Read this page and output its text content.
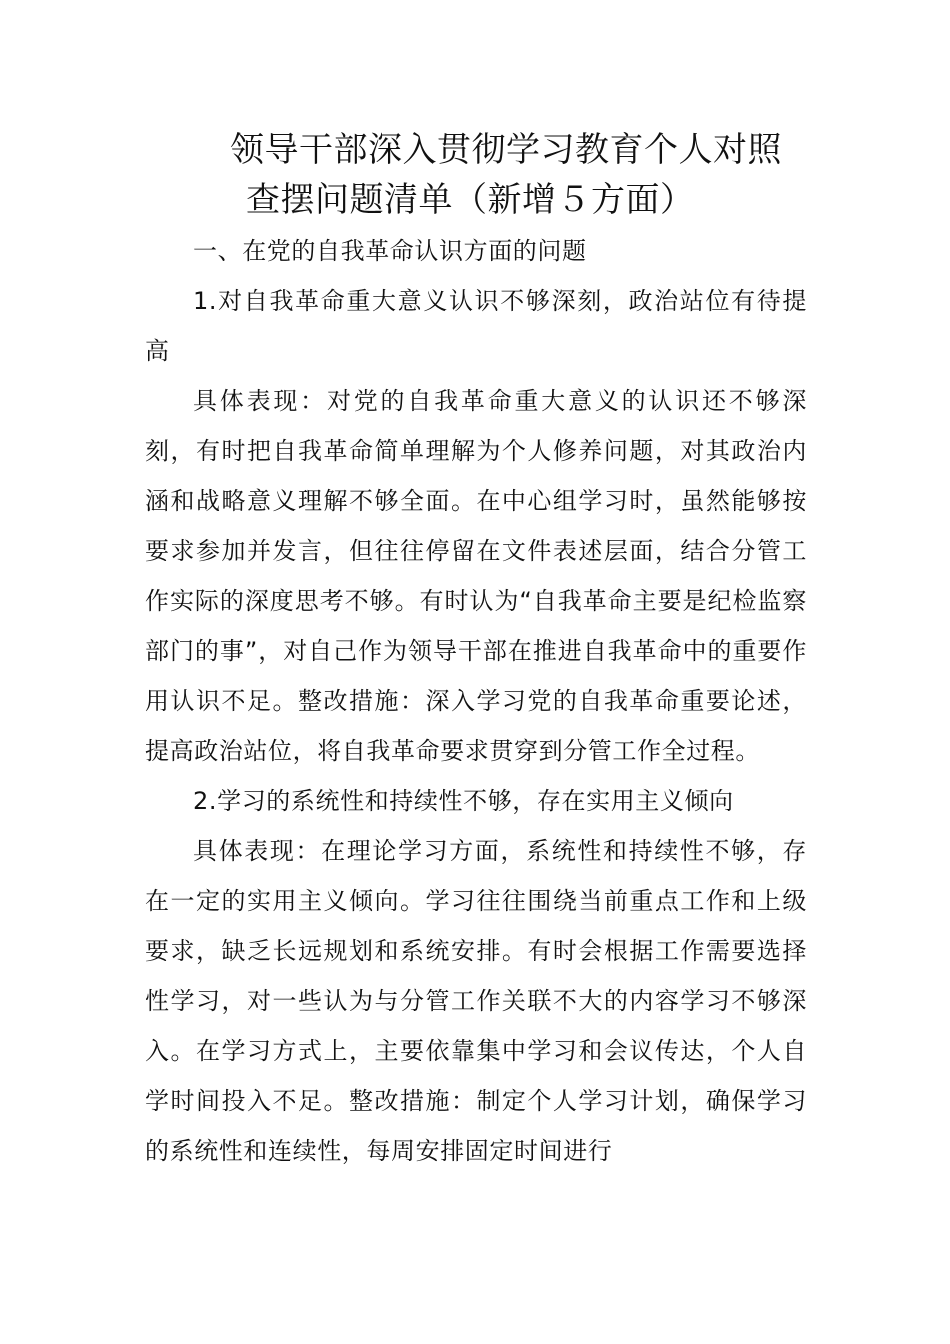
领导干部深入贯彻学习教育个人对照
查摆问题清单（新增５方面）

一、在党的自我革命认识方面的问题

1.对自我革命重大意义认识不够深刻，政治站位有待提高

具体表现：对党的自我革命重大意义的认识还不够深刻，有时把自我革命简单理解为个人修养问题，对其政治内涵和战略意义理解不够全面。在中心组学习时，虽然能够按要求参加并发言，但往往停留在文件表述层面，结合分管工作实际的深度思考不够。有时认为“自我革命主要是纪检监察部门的事”，对自己作为领导干部在推进自我革命中的重要作用认识不足。整改措施：深入学习党的自我革命重要论述，提高政治站位，将自我革命要求贯穿到分管工作全过程。

2.学习的系统性和持续性不够，存在实用主义倾向

具体表现：在理论学习方面，系统性和持续性不够，存在一定的实用主义倾向。学习往往围绕当前重点工作和上级要求，缺乏长远规划和系统安排。有时会根据工作需要选择性学习，对一些认为与分管工作关联不大的内容学习不够深入。在学习方式上，主要依靠集中学习和会议传达，个人自学时间投入不足。整改措施：制定个人学习计划，确保学习的系统性和连续性，每周安排固定时间进行
